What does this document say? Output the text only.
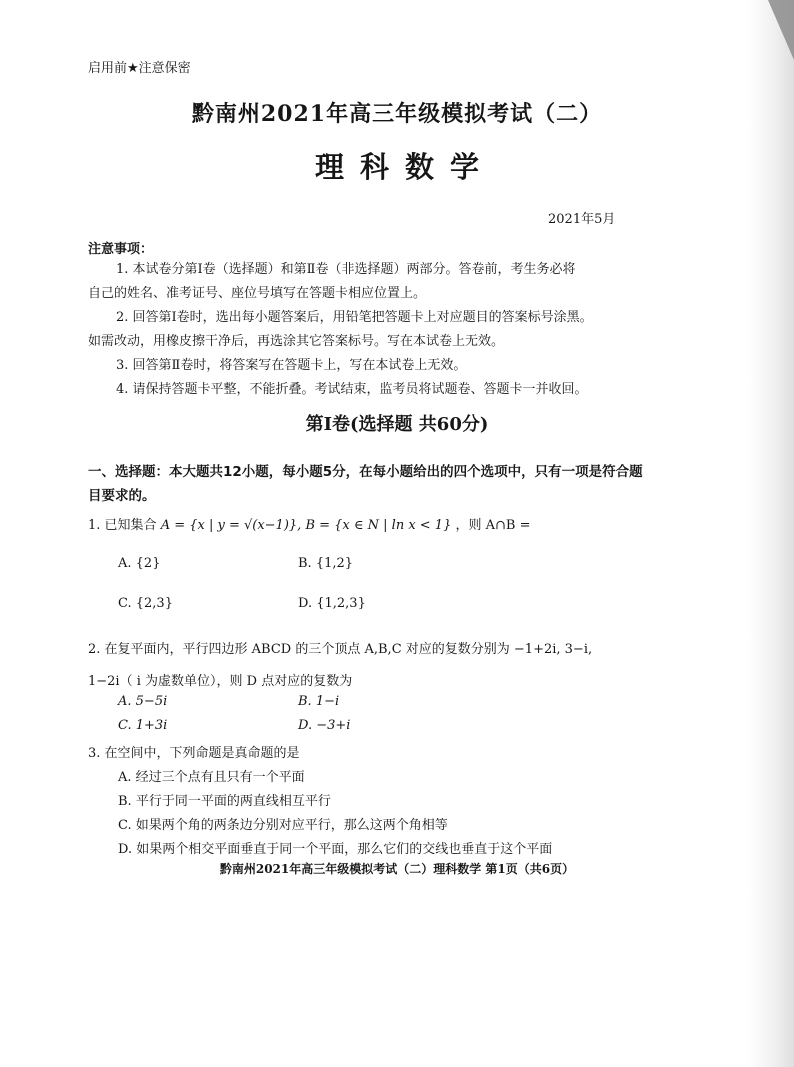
启用前★注意保密
黔南州2021年高三年级模拟考试（二）
理科数学
2021年5月
注意事项：
1. 本试卷分第Ⅰ卷（选择题）和第Ⅱ卷（非选择题）两部分。答卷前，考生务必将
自己的姓名、准考证号、座位号填写在答题卡相应位置上。
2. 回答第Ⅰ卷时，选出每小题答案后，用铅笔把答题卡上对应题目的答案标号涂黑。
如需改动，用橡皮擦干净后，再选涂其它答案标号。写在本试卷上无效。
3. 回答第Ⅱ卷时，将答案写在答题卡上，写在本试卷上无效。
4. 请保持答题卡平整，不能折叠。考试结束，监考员将试题卷、答题卡一并收回。
第Ⅰ卷(选择题 共60分)
一、选择题：本大题共12小题，每小题5分，在每小题给出的四个选项中，只有一项是符合题目要求的。
1. 已知集合 A = {x | y = √(x−1)}, B = {x ∈ N | ln x < 1} ，则 A∩B =
A. {2}	B. {1,2}
C. {2,3}	D. {1,2,3}
2. 在复平面内，平行四边形 ABCD 的三个顶点 A,B,C 对应的复数分别为 −1+2i, 3−i,
1−2i（ i 为虚数单位），则 D 点对应的复数为
A. 5−5i	B. 1−i
C. 1+3i	D. −3+i
3. 在空间中，下列命题是真命题的是
A. 经过三个点有且只有一个平面
B. 平行于同一平面的两直线相互平行
C. 如果两个角的两条边分别对应平行，那么这两个角相等
D. 如果两个相交平面垂直于同一个平面，那么它们的交线也垂直于这个平面
黔南州2021年高三年级模拟考试（二）理科数学 第1页（共6页）
